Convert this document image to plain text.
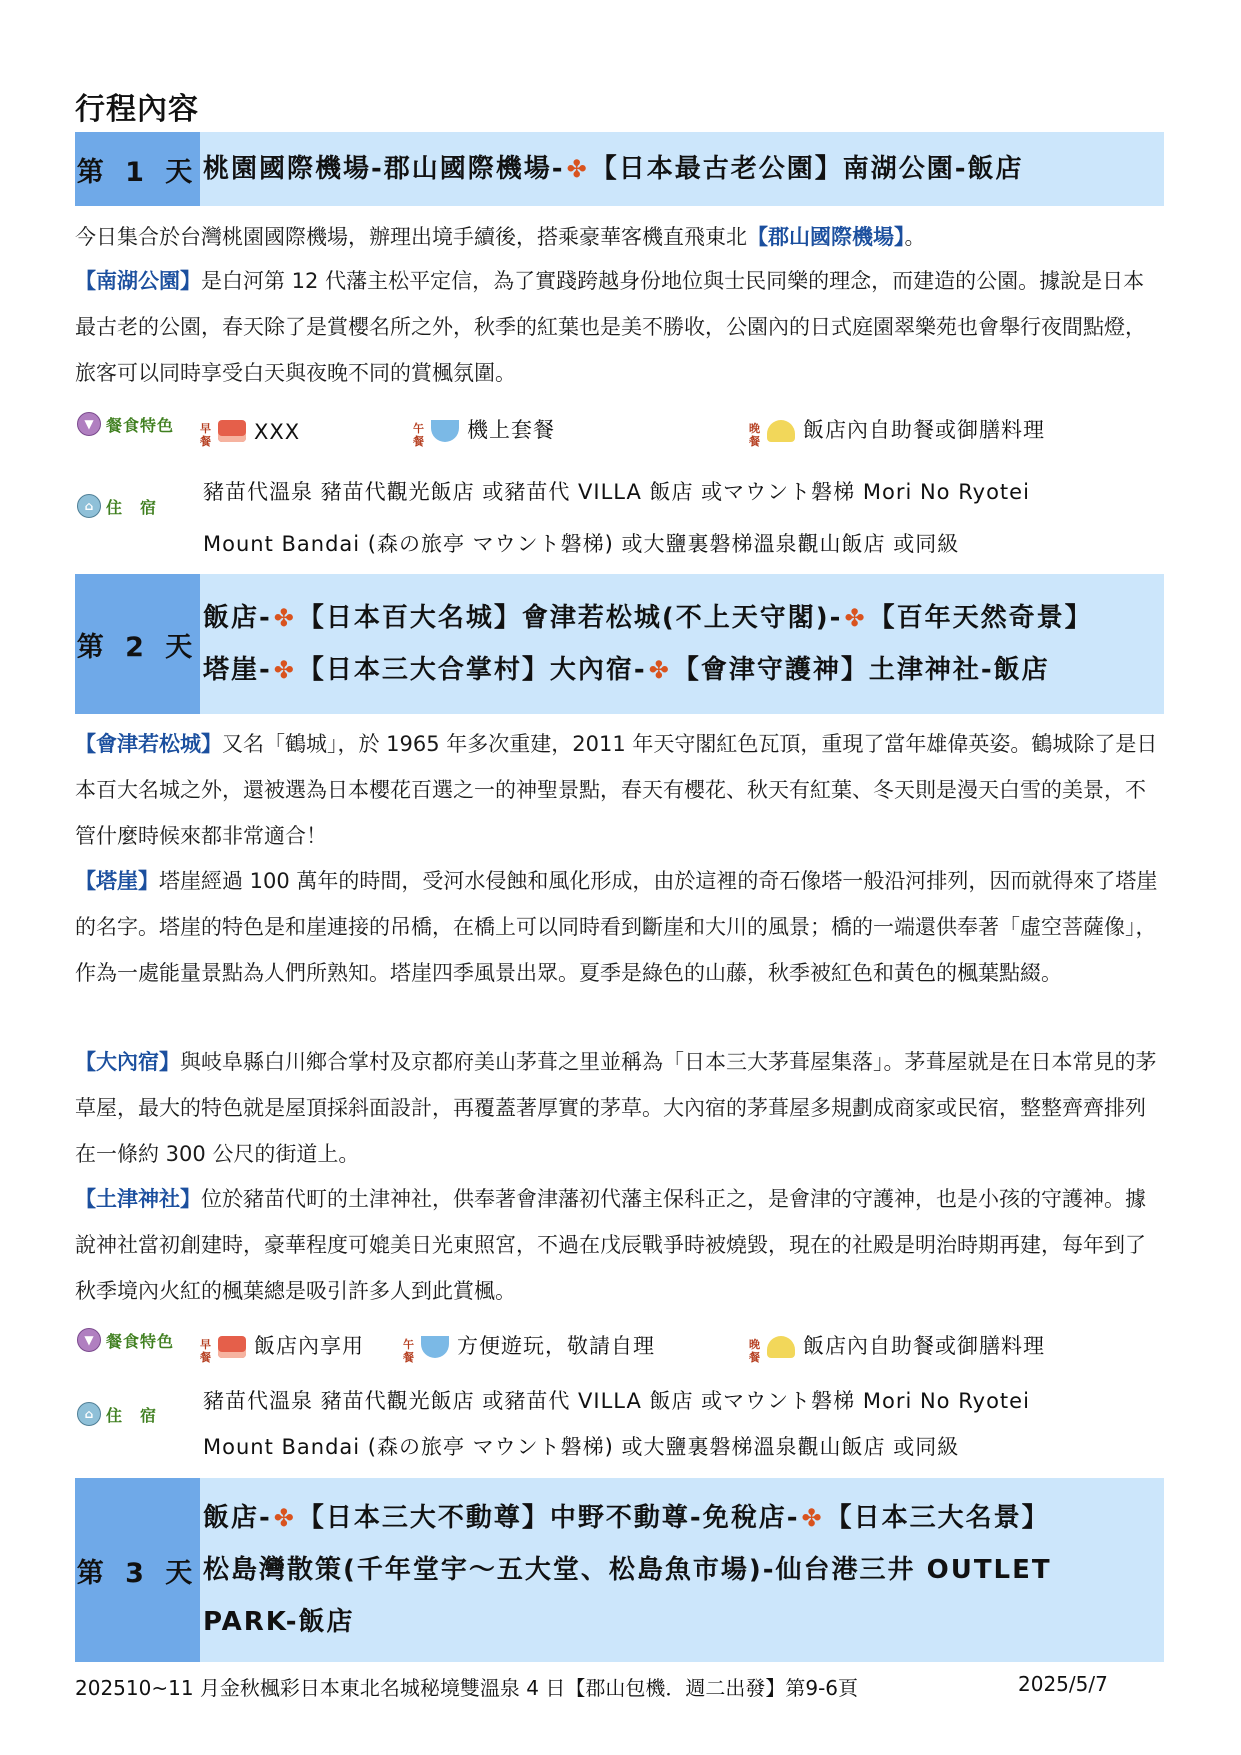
行程內容
第 1 天 桃園國際機場-郡山國際機場-✤【日本最古老公園】南湖公園-飯店
今日集合於台灣桃園國際機場，辦理出境手續後，搭乘豪華客機直飛東北【郡山國際機場】。
【南湖公園】是白河第 12 代藩主松平定信，為了實踐跨越身份地位與士民同樂的理念，而建造的公園。據說是日本最古老的公園，春天除了是賞櫻名所之外，秋季的紅葉也是美不勝收，公園內的日式庭園翠樂苑也會舉行夜間點燈，旅客可以同時享受白天與夜晚不同的賞楓氛圍。
▼ 餐食特色 早餐	XXX	午餐	機上套餐	晚餐	飯店內自助餐或御膳料理
⌂ 住宿
豬苗代溫泉 豬苗代觀光飯店 或豬苗代 VILLA 飯店 或マウント磐梯 Mori No Ryotei
Mount Bandai (森の旅亭 マウント磐梯) 或大鹽裏磐梯溫泉觀山飯店 或同級
第 2 天
飯店-✤【日本百大名城】會津若松城(不上天守閣)-✤【百年天然奇景】
塔崖-✤【日本三大合掌村】大內宿-✤【會津守護神】土津神社-飯店
【會津若松城】又名「鶴城」，於 1965 年多次重建，2011 年天守閣紅色瓦頂，重現了當年雄偉英姿。鶴城除了是日本百大名城之外，還被選為日本櫻花百選之一的神聖景點，春天有櫻花、秋天有紅葉、冬天則是漫天白雪的美景，不管什麼時候來都非常適合！
【塔崖】塔崖經過 100 萬年的時間，受河水侵蝕和風化形成，由於這裡的奇石像塔一般沿河排列，因而就得來了塔崖的名字。塔崖的特色是和崖連接的吊橋，在橋上可以同時看到斷崖和大川的風景；橋的一端還供奉著「虛空菩薩像」，作為一處能量景點為人們所熟知。塔崖四季風景出眾。夏季是綠色的山藤，秋季被紅色和黃色的楓葉點綴。
【大內宿】與岐阜縣白川鄉合掌村及京都府美山茅葺之里並稱為「日本三大茅葺屋集落」。茅葺屋就是在日本常見的茅草屋，最大的特色就是屋頂採斜面設計，再覆蓋著厚實的茅草。大內宿的茅葺屋多規劃成商家或民宿，整整齊齊排列在一條約 300 公尺的街道上。
【土津神社】位於豬苗代町的土津神社，供奉著會津藩初代藩主保科正之，是會津的守護神，也是小孩的守護神。據說神社當初創建時，豪華程度可媲美日光東照宮，不過在戊辰戰爭時被燒毀，現在的社殿是明治時期再建，每年到了秋季境內火紅的楓葉總是吸引許多人到此賞楓。
▼ 餐食特色 早餐	飯店內享用	午餐	方便遊玩，敬請自理	晚餐	飯店內自助餐或御膳料理
⌂ 住宿
豬苗代溫泉 豬苗代觀光飯店 或豬苗代 VILLA 飯店 或マウント磐梯 Mori No Ryotei
Mount Bandai (森の旅亭 マウント磐梯) 或大鹽裏磐梯溫泉觀山飯店 或同級
第 3 天
飯店-✤【日本三大不動尊】中野不動尊-免稅店-✤【日本三大名景】
松島灣散策(千年堂宇～五大堂、松島魚市場)-仙台港三井 OUTLET
PARK-飯店
202510~11 月金秋楓彩日本東北名城秘境雙溫泉 4 日【郡山包機．週二出發】第9-6頁	2025/5/7
